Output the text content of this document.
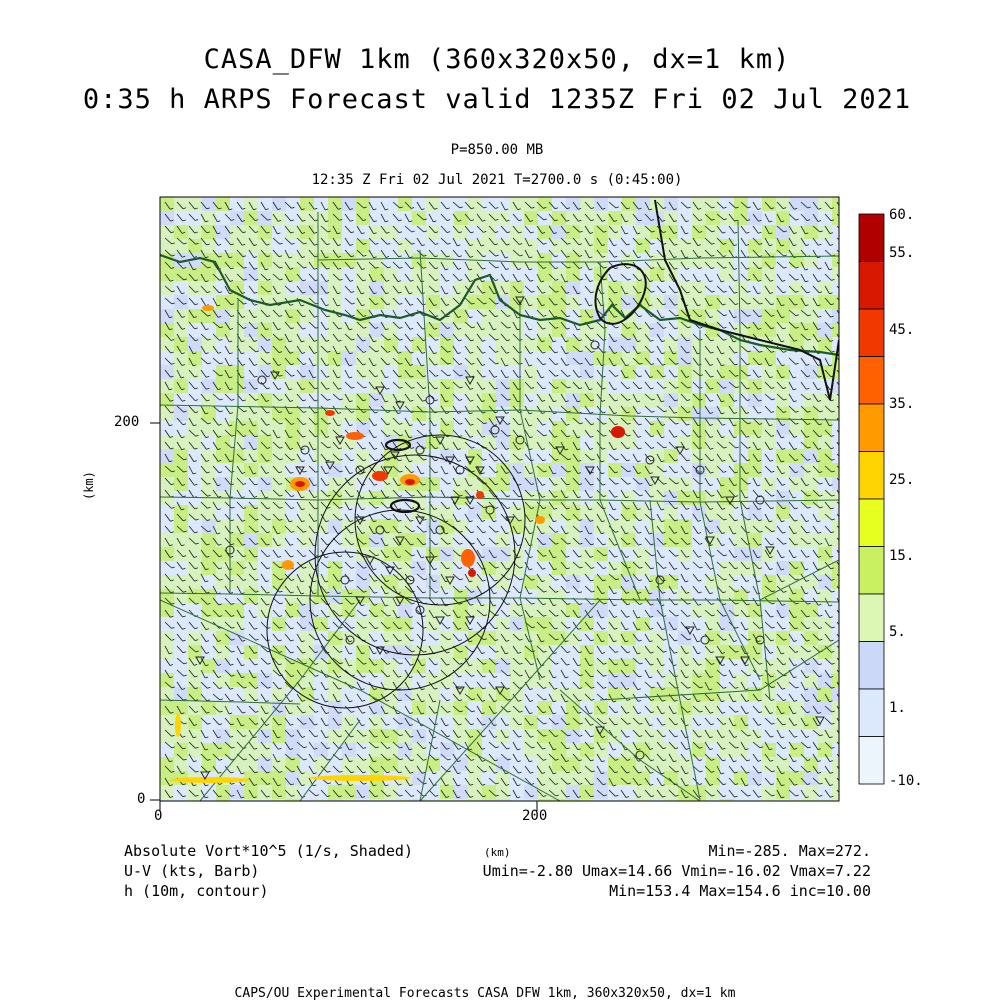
CASA_DFW 1km (360x320x50, dx=1 km)
0:35 h ARPS Forecast valid 1235Z Fri 02 Jul 2021
P=850.00 MB
12:35 Z Fri 02 Jul 2021 T=2700.0 s (0:45:00)
200
0
(km)
0	200
60.
55.
45.
35.
25.
15.
5.
1.
-10.
Absolute Vort*10^5 (1/s, Shaded)
U-V (kts, Barb)
h (10m, contour)
(km)	Min=-285. Max=272.
Umin=-2.80 Umax=14.66 Vmin=-16.02 Vmax=7.22
Min=153.4 Max=154.6 inc=10.00
CAPS/OU Experimental Forecasts CASA DFW 1km, 360x320x50, dx=1 km
